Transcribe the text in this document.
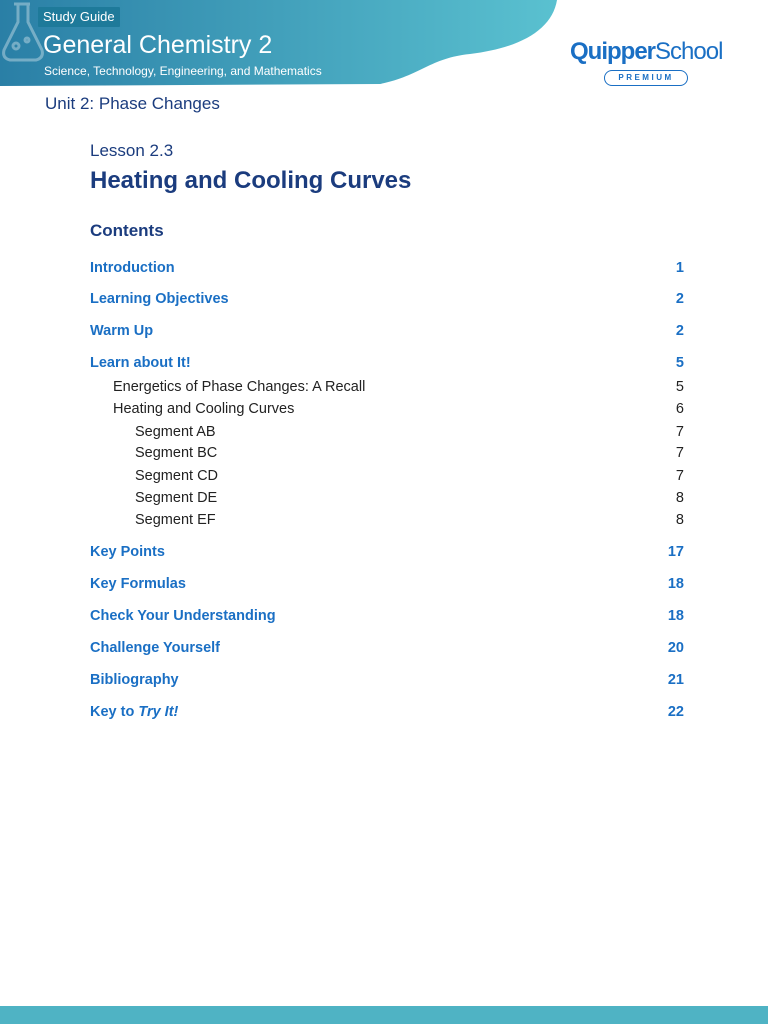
Study Guide
General Chemistry 2
Science, Technology, Engineering, and Mathematics
QuipperSchool
PREMIUM
Unit 2: Phase Changes
Lesson 2.3
Heating and Cooling Curves
Contents
Introduction	1
Learning Objectives	2
Warm Up	2
Learn about It!	5
Energetics of Phase Changes: A Recall	5
Heating and Cooling Curves	6
Segment AB	7
Segment BC	7
Segment CD	7
Segment DE	8
Segment EF	8
Key Points	17
Key Formulas	18
Check Your Understanding	18
Challenge Yourself	20
Bibliography	21
Key to Try It!	22
